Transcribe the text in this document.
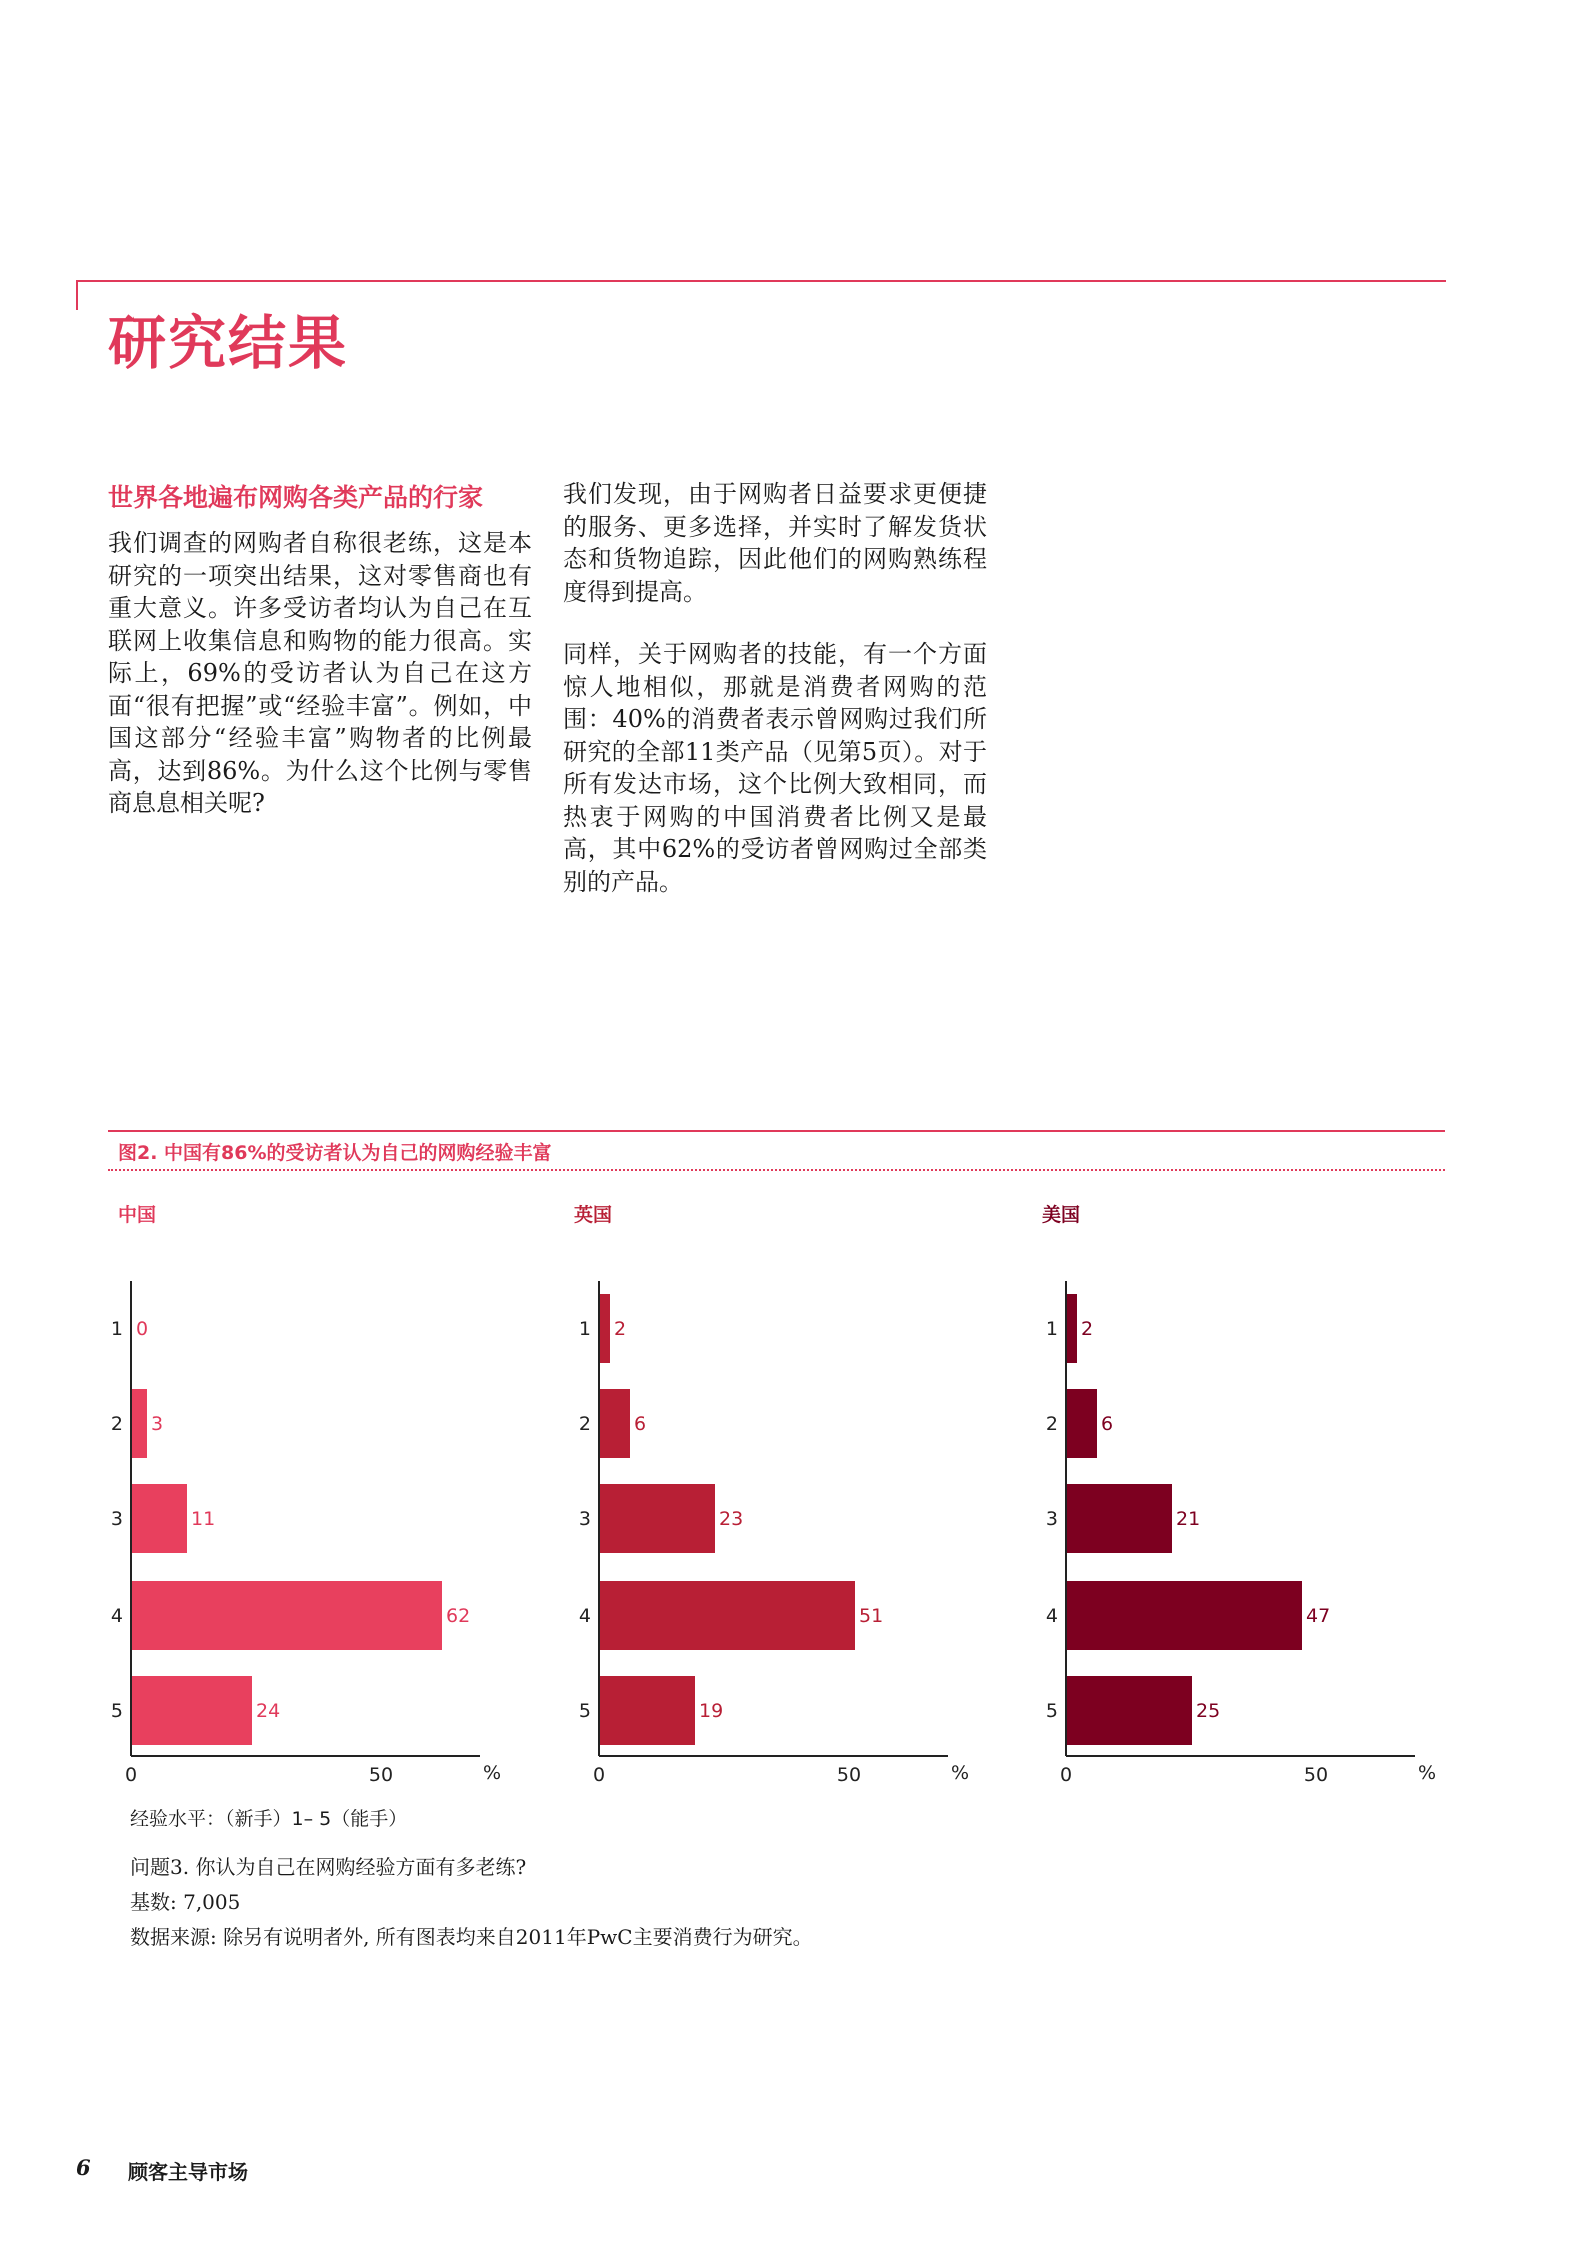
研究结果
世界各地遍布网购各类产品的行家
我们调查的网购者自称很老练，这是本研究的一项突出结果，这对零售商也有重大意义。许多受访者均认为自己在互联网上收集信息和购物的能力很高。实际上，69%的受访者认为自己在这方面“很有把握”或“经验丰富”。例如，中国这部分“经验丰富”购物者的比例最高，达到86%。为什么这个比例与零售商息息相关呢?
我们发现，由于网购者日益要求更便捷的服务、更多选择，并实时了解发货状态和货物追踪，因此他们的网购熟练程度得到提高。
同样，关于网购者的技能，有一个方面惊人地相似，那就是消费者网购的范围：40%的消费者表示曾网购过我们所研究的全部11类产品（见第5页）。对于所有发达市场，这个比例大致相同，而热衷于网购的中国消费者比例又是最高，其中62%的受访者曾网购过全部类别的产品。
图2. 中国有86%的受访者认为自己的网购经验丰富
中国	英国	美国
1 0
2 3
3	11
4	62
5	24
0	50	%
1 2
2 6
3	23
4	51
5	19
0	50	%
1 2
2 6
3	21
4	47
5	25
0	50	%
经验水平：（新手）1– 5（能手）
问题3. 你认为自己在网购经验方面有多老练?
基数: 7,005
数据来源: 除另有说明者外, 所有图表均来自2011年PwC主要消费行为研究。
6 顾客主导市场
